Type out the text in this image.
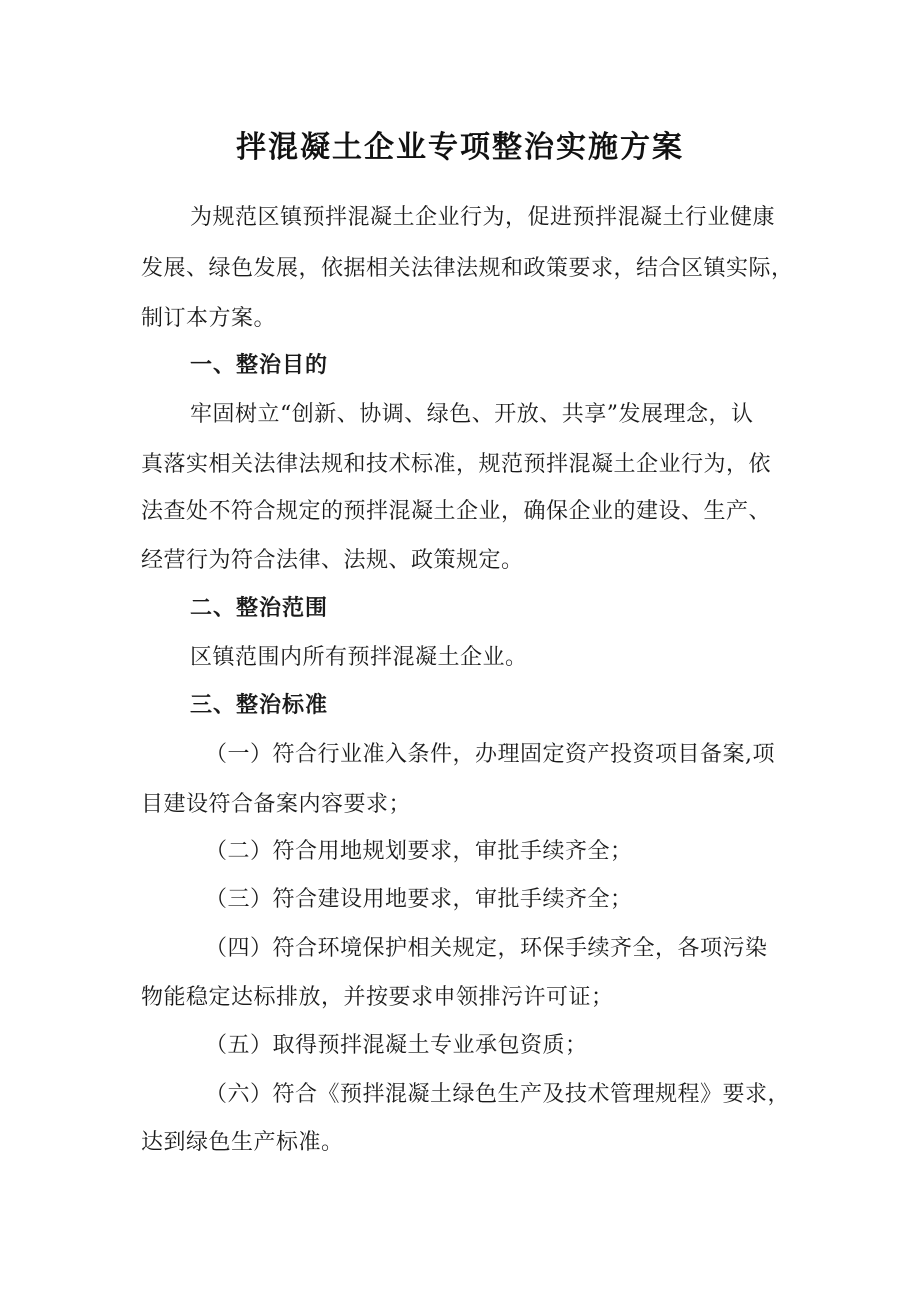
拌混凝土企业专项整治实施方案
为规范区镇预拌混凝土企业行为，促进预拌混凝土行业健康
发展、绿色发展，依据相关法律法规和政策要求，结合区镇实际，
制订本方案。
一、整治目的
牢固树立“创新、协调、绿色、开放、共享”发展理念，认
真落实相关法律法规和技术标准，规范预拌混凝土企业行为，依
法查处不符合规定的预拌混凝土企业，确保企业的建设、生产、
经营行为符合法律、法规、政策规定。
二、整治范围
区镇范围内所有预拌混凝土企业。
三、整治标准
（一）符合行业准入条件，办理固定资产投资项目备案,项
目建设符合备案内容要求；
（二）符合用地规划要求，审批手续齐全；
（三）符合建设用地要求，审批手续齐全；
（四）符合环境保护相关规定，环保手续齐全，各项污染
物能稳定达标排放，并按要求申领排污许可证；
（五）取得预拌混凝土专业承包资质；
（六）符合《预拌混凝土绿色生产及技术管理规程》要求，
达到绿色生产标准。
